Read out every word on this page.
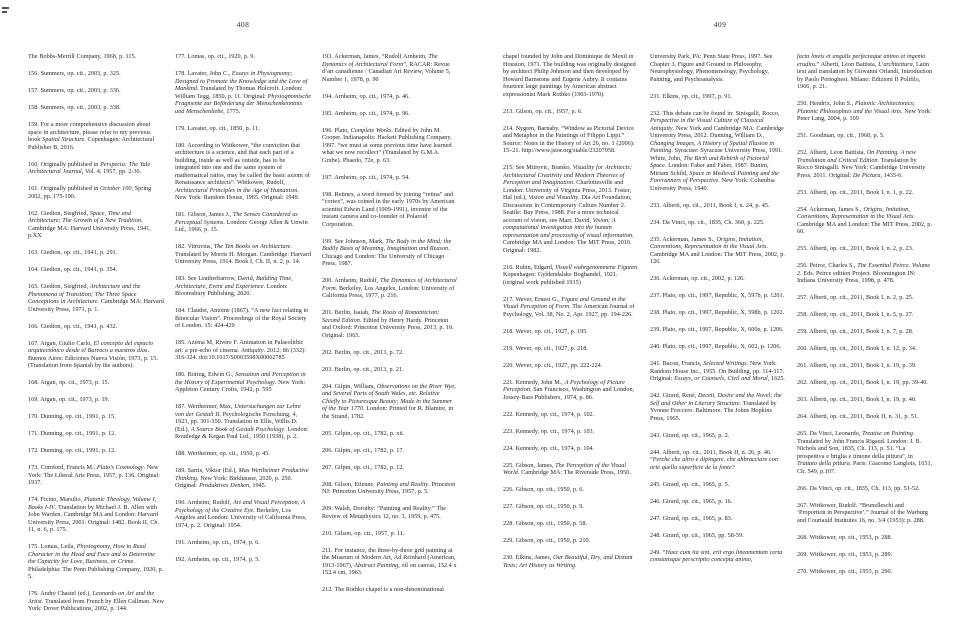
408

The Bobbs-Merrill Company, 1968, p. 115.

156. Summers, op. cit., 2003, p. 325.

157. Summers, op. cit., 2003, p. 336.

158. Summers, op. cit., 2003, p. 338.

159. For a more comprehensive discussion about space in architecture, please refer to my previous book Spatial Structure. Copenhagen: Architectural Publisher B, 2016.

160. Originally published in Perspecta: The Yale Architectural Journal, Vol. 4, 1957, pp. 2-30.

161. Originally published in October 100, Spring 2002, pp. 175-190.

162. Giedion, Siegfried, Space, Time and Architecture; The Growth of a New Tradition. Cambridge MA: Harvard University Press, 1941, p.XX

163. Giedion, op. cit., 1941, p. 291.

164. Giedion, op. cit., 1941, p. 354.

165. Giedion, Siegfried, Architecture and the Phenomena of Transition; The Three Space Conceptions in Architecture. Cambridge MA: Harvard University Press, 1971, p. 1.

166. Giedion, op. cit., 1941, p. 432.

167. Argan, Giulio Carlo, El concepto del espacio arquitectónico desde el Barroco a nuestros días. Buenos Aires: Ediciones Nueva Visión, 1973, p. 15. (Translation from Spanish by the authors).

168. Argan, op. cit., 1973, p. 15.

169. Argan, op. cit., 1973, p. 19.

170. Dunning, op. cit., 1991, p. 15.

171. Dunning, op. cit., 1991, p. 12.

172. Dunning, op. cit., 1991, p. 12.

173. Cornford, Francis M., Plato’s Cosmology. New York: The Liberal Arts Press, 1957, p. 136. Original: 1937.

174. Ficino, Marsilio, Platonic Theology, Volume I, Books I-IV. Translation by Michael J. B. Allen with John Warden. Cambridge MA and London: Harvard University Press, 2001. Original: 1482. Book II, Ch. 11, n. 6, p. 175.

175. Lomas, Leila, Physiognomy, How to Read Character in the Head and Face and to Determine the Capacity for Love, Business, or Crime. Philadelphia: The Penn Publishing Company, 1920, p. 5.

176. André Chastel (ed.), Leonardo on Art and the Artist. Translated from French by Ellen Callman. New York: Dover Publications, 2002, p. 144.

177. Lomas, op. cit., 1920, p. 9.

178. Lavater, John C., Essays in Physiognomy; Designed to Promote the Knowledge and the Love of Mankind. Translated by Thomas Holcroft. London: William Tegg, 1850, p. 11. Original: Physiognomische Fragmente zur Beförderung der Menschenkenntnis und Menschenliebe, 1775.

179. Lavater, op. cit., 1850, p. 11.

180. According to Wittkower, “the conviction that architecture is a science, and that each part of a building, inside as well as outside, has to be integrated into one and the same system of mathematical ratios, may be called the basic axiom of Renaissance architects”. Wittkower, Rudolf, Architectural Principles in the Age of Humanism. New York: Random House, 1965. Original: 1949.

181. Gibson, James J., The Senses Considered as Perceptual Systems. London: George Allen & Unwin Ltd., 1966, p. 15.

182. Vitruvius, The Ten Books on Architecture. Translated by Morris H. Morgan. Cambridge: Harvard University Press, 1914. Book I, Ch. II, n. 2, p. 14.

183. See Leatherbarrow, David, Building Time, Architecture, Event and Experience. London: Bloomsbury Publishing, 2020.

184. Claudet, Antoine (1867). “A new fact relating to Binocular Vision”. Proceedings of the Royal Society of London. 15: 424-429

185. Azéma M, Rivère F. Animation in Palaeolithic art: a pre-echo of cinema. Antiquity. 2012; 86 (332): 316-324. doi:10.1017/S0003598X00062785

186. Boring, Edwin G., Sensation and Perception in the History of Experimental Psychology. New York: Appleton Century Crofts, 1942, p. 595

187. Wertheimer, Max, Untersuchungen zur Lehre von der Gestalt II. Psychologische Forschung, 4, 1923, pp. 301-350. Translation in Ellis, Willis D. (Ed.), A Source Book of Gestalt Psychology. London: Routledge & Kegan Paul Ltd., 1950 (1938), p. 2.

188. Wertheimer, op. cit., 1950, p. 45.

189. Sarris, Viktor (Ed.), Max Wertheimer Productive Thinking. New York: Birkhäuser, 2020, p. 250. Original: Produktives Denken, 1945.

190. Arnheim, Rudolf, Art and Visual Perception; A Psychology of the Creative Eye. Berkeley, Los Angeles and London: University of California Press, 1974, p. 2. Original: 1954.

191. Arnheim, op. cit., 1974, p. 6.

192. Arnheim, op. cit., 1974, p. 5.

193. Ackerman, James, “Rudolf Arnheim, The Dynamics of Architectural Form”, RACAR: Revue d’art canadienne / Canadian Art Review, Volume 5, Number 1, 1978, p. 90

194. Arnheim, op. cit., 1974, p. 46.

195. Arnheim, op. cit., 1974, p. 96.

196. Plato, Complete Works. Edited by John M. Cooper. Indianapolis: Hackett Publishing Company, 1997. “we must at some previous time have learned what we now recollect” (Translated by G.M.A. Grube). Phaedo, 72e, p. 63.

197. Arnheim, op. cit., 1974, p. 54.

198. Retinex, a word formed by joining “retina” and “cortex”, was coined in the early 1970s by American scientist Edwin Land (1909-1991), inventor of the instant camera and co-founder of Polaroid Corporation.

199. See Johnson, Mark, The Body in the Mind; the Bodily Basis of Meaning, Imagination and Reason. Chicago and London: The University of Chicago Press, 1987.

200. Arnheim, Rudolf, The Dynamics of Architectural Form. Berkeley, Los Angeles, London: University of California Press, 1977, p. 216.

201. Berlin, Isaiah, The Roots of Romanticism; Second Edition. Edited by Henry Hardy. Princeton and Oxford: Princeton University Press, 2013, p. 10. Original: 1965.

202. Berlin, op. cit., 2013, p. 72.

203. Berlin, op. cit., 2013, p. 21.

204. Gilpin, William, Observations on the River Wye, and Several Parts of South Wales, etc. Relative Chiefly to Picturesque Beauty; Made in the Summer of the Year 1770. London: Printed for R. Blamire, in the Strand, 1782.

205. Gilpin, op. cit., 1782, p. xii.

206. Gilpin, op. cit., 1782, p. 17.

207. Gilpin, op. cit., 1782, p. 12.

208. Gilson, Etienne, Painting and Reality. Princeton NJ: Princeton University Press, 1957, p. 5.

209. Walsh, Dorothy: “Painting and Reality.” The Review of Metaphysics 12, no. 3, 1959, p. 475.

210. Gilson, op. cit., 1957, p. 11.

211. For instance, the three-by-three grid painting at the Museum of Modern Art, Ad Reinhard (American, 1913-1967), Abstract Painting, oil on canvas, 152.4 x 152.4 cm, 1963.

212. The Rothko chapel is a non-denominational

409

chapel founded by John and Dominique de Menil in Houston, 1971. The building was originally designed by architect Philip Johnson and then developed by Howard Barnstone and Eugene Aubry. It contains fourteen large paintings by American abstract expressionist Mark Rothko (1903-1970).

213. Gilson, op. cit., 1957, p. 6.

214. Nygren, Barnaby. “Window as Pictorial Device and Metaphor in the Paintings of Filippo Lippi.” Source: Notes in the History of Art 26, no. 1 (2006): 15–21. http://www.jstor.org/stable/23207958.

215. See Mitrovic, Branko, Visuality for Architects; Architectural Creativity and Modern Theories of Perception and Imagination. Charlottesville and London: University of Virginia Press, 2013. Foster, Hal (ed.), Vision and Visuality. Dia Art Foundation, Discussions in Contemporary Culture Number 2. Seattle: Bay Press, 1988. For a more technical account of vision, see Marr, David, Vision; A computational investigation into the human representation and processing of visual information. Cambridge MA and London: The MIT Press, 2010. Original: 1982.

216. Rubin, Edgard, Visuell wahrgenommene Figuren. Kopenhagen: Gyldendalske Boghandel, 1921. (original work published 1915)

217. Wever, Ernest G., Figure and Ground in the Visual Perception of Form. The American Journal of Psychology, Vol. 38, No. 2, Apr. 1927, pp. 194-226.

218. Wever, op. cit., 1927, p. 195.

219. Wever, op. cit., 1927, p. 218.

220. Wever, op. cit., 1927, pp. 222-224.

221. Kennedy, John M., A Psychology of Picture Perception. San Francisco, Washington and London, Jossey-Bass Publishers, 1974, p. 86.

222. Kennedy, op. cit., 1974, p. 102.

223. Kennedy, op. cit., 1974, p. 103.

224. Kennedy, op. cit., 1974, p. 104.

225. Gibson, James, The Perception of the Visual World. Cambridge MA: The Riverside Press, 1950.

226. Gibson, op. cit., 1950, p. 6.

227. Gibson, op. cit., 1950, p. 9.

228. Gibson, op. cit., 1950, p. 58.

229. Gibson, op. cit., 1950, p. 210.

230. Elkins, James, Our Beautiful, Dry, and Distant Texts; Art History as Writing.

University Park, PA: Penn State Press, 1997. See Chapter 3, Figure and Ground in Philosophy, Neurophysiology, Phenomenology, Psychology, Painting, and Psychoanalysis.

231. Elkins, op. cit., 1997, p. 91.

232. This debate can be found in: Sinisgalli, Rocco, Perspective in the Visual Culture of Classical Antiquity. New York and Cambridge MA: Cambridge University Press, 2012. Dunning, William D., Changing Images, A History of Spatial Illusion in Painting. Syracuse: Syracuse University Press, 1991. White, John, The Birth and Rebirth of Pictorial Space. London: Faber and Faber, 1987. Bunim, Miriam Schild, Space in Medieval Painting and the Forerunners of Perspective. New York: Columbia University Press, 1940.

233. Alberti, op. cit., 2011, Book I, n. 24, p. 45.

234. Da Vinci, op. cit., 1835, Ch. 360, p. 225.

235. Ackerman, James S., Origins, Imitation, Conventions, Representation in the Visual Arts. Cambridge MA and London: The MIT Press, 2002, p. 126.

236. Ackerman, op. cit., 2002, p. 126.

237. Plato, op. cit., 1997, Republic, X, 597b, p. 1201.

238. Plato, op. cit., 1997, Republic, X, 598b, p. 1202.

239. Plato, op. cit., 1997, Republic, X, 600e, p. 1206.

240. Plato, op. cit., 1997, Republic, X, 602, p. 1206.

241. Bacon, Francis, Selected Writings. New York: Random House Inc., 1955. On Building, pp. 114-117. Original: Essays, or Counsels, Civil and Moral, 1625.

242. Girard, René, Deceit, Desire and the Novel; the Self and Other in Literary Structure. Translated by Yvonne Freccero. Baltimore: The Johns Hopkins Press, 1965.

243. Girard, op. cit., 1965, p. 2.

244. Alberti, op. cit., 2011, Book II, n. 26, p. 46. “Perche che altro e dipingere, che abbracciare con arte quella superficie de la fonte?

245. Girard, op. cit., 1965, p. 5.

246. Girard, op. cit., 1965, p. 16.

247. Girard, op. cit., 1965, p. 83.

248. Girard, op. cit., 1965, pp. 58-59.

249. “Haec cum ita sint, erit ergo lineamentum certa constansque perscriptio concepta animo,

facta lineis et angulis perfectaque animo et ingenio erudito.” Alberti, Leon Battista, L’architettura, Latin text and translation by Giovanni Orlandi, Introduction by Paolo Portoghesi. Milano: Edizioni Il Polifilo, 1966, p. 21.

250. Hendrix, John S., Platonic Architectonics; Platonic Philosophies and the Visual Arts. New York: Peter Lang, 2004, p. 109

251. Goodman, op. cit., 1968, p. 5.

252. Alberti, Leon Battista, On Painting. A new Translation and Critical Edition. Translation by Rocco Sinisgalli. New York: Cambridge University Press, 2011. Original: De Pictura, 1435-6.

253. Alberti, op. cit., 2011, Book I, n. 1, p. 22.

254. Ackerman, James S., Origins, Imitation, Conventions, Representation in the Visual Arts. Cambridge MA and London: The MIT Press, 2002, p. 60.

255. Alberti, op. cit., 2011, Book I, n. 2, p. 23.

256. Peirce, Charles S., The Essential Peirce. Volume 2. Eds. Peirce edition Project. Bloomington IN: Indiana University Press, 1998, p. 478.

257. Alberti, op. cit., 2011, Book I, n. 2, p. 25.

258. Alberti, op. cit., 2011, Book I, n. 5, p. 27.

259. Alberti, op. cit., 2011, Book I, n. 7, p. 28.

260. Alberti, op. cit., 2011, Book I, n. 12, p. 34.

261. Alberti, op. cit., 2011, Book I, n. 19, p. 39.

262. Alberti, op. cit., 2011, Book I, n. 19, pp. 39-40.

263. Alberti, op. cit., 2011, Book I, n. 19, p. 40.

264. Alberti, op. cit., 2011, Book II, n. 31, p. 51.

265. Da Vinci, Leonardo, Treatise on Painting. Translated by John Francis Rigaud. London: J. B. Nichols and Son, 1835, Ch. 113, p. 51. “La prospettiva e briglia e timone della pittura”, in Trattato della pittura. Paris: Giacomo Langlois, 1651, Ch. 549, p.107.

266. Da Vinci, op. cit., 1835, Ch. 113, pp. 51-52.

267. Wittkower, Rudolf. “Brunelleschi and ‘Proportion in Perspective’.” Journal of the Warburg and Courtauld Institutes 16, no. 3/4 (1953): p. 288.

268. Wittkower, op. cit., 1953, p. 288.

269. Wittkower, op. cit., 1953, p. 289.

270. Wittkower, op. cit., 1953, p. 290.
